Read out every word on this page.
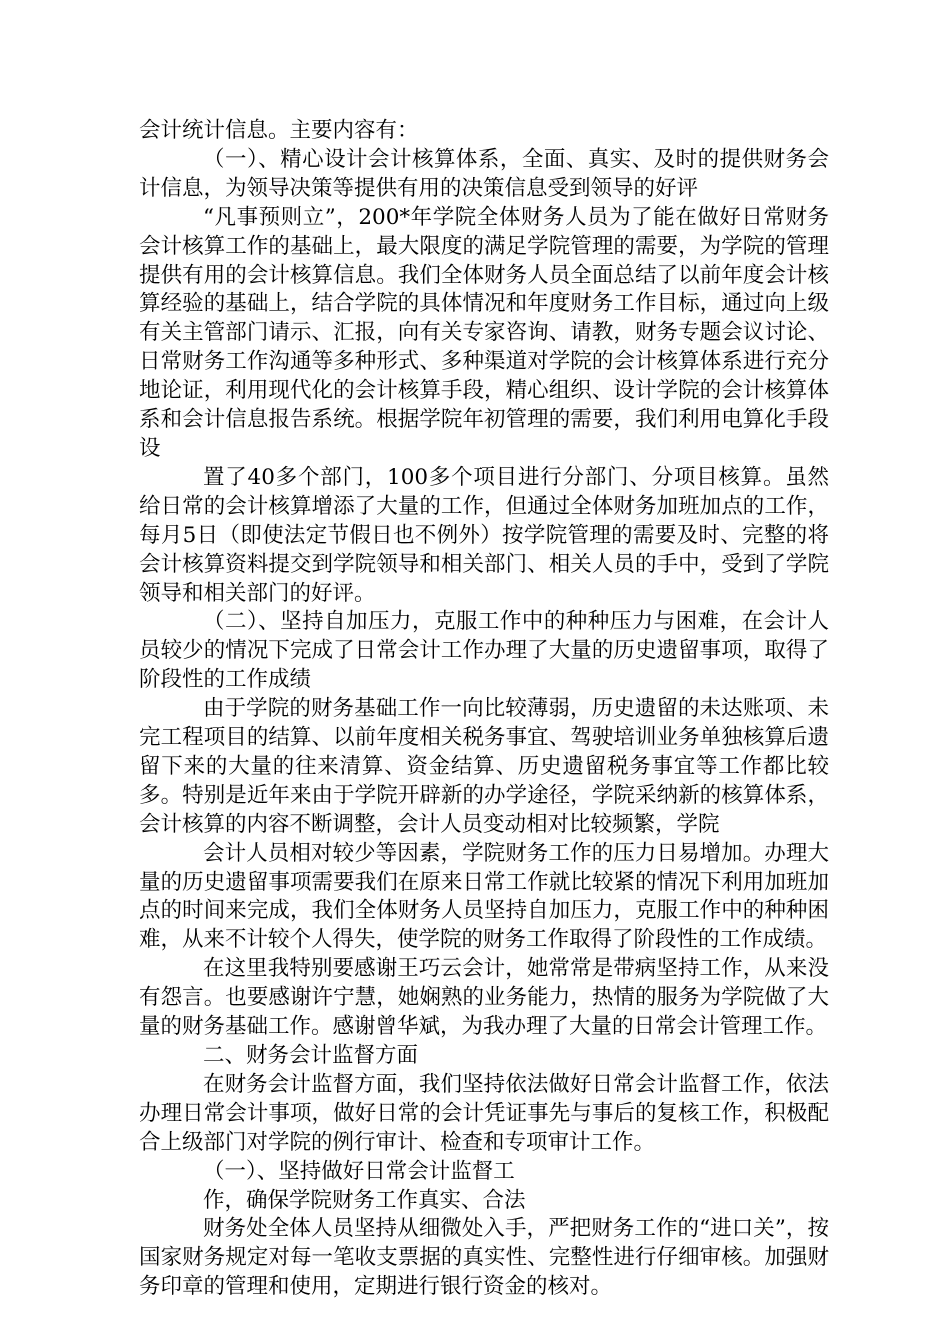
会计统计信息。主要内容有：

（一）、精心设计会计核算体系，全面、真实、及时的提供财务会计信息，为领导决策等提供有用的决策信息受到领导的好评

“凡事预则立”，200*年学院全体财务人员为了能在做好日常财务会计核算工作的基础上，最大限度的满足学院管理的需要，为学院的管理提供有用的会计核算信息。我们全体财务人员全面总结了以前年度会计核算经验的基础上，结合学院的具体情况和年度财务工作目标，通过向上级有关主管部门请示、汇报，向有关专家咨询、请教，财务专题会议讨论、日常财务工作沟通等多种形式、多种渠道对学院的会计核算体系进行充分地论证，利用现代化的会计核算手段，精心组织、设计学院的会计核算体系和会计信息报告系统。根据学院年初管理的需要，我们利用电算化手段设

置了40多个部门，100多个项目进行分部门、分项目核算。虽然给日常的会计核算增添了大量的工作，但通过全体财务加班加点的工作，每月5日（即使法定节假日也不例外）按学院管理的需要及时、完整的将会计核算资料提交到学院领导和相关部门、相关人员的手中，受到了学院领导和相关部门的好评。

（二）、坚持自加压力，克服工作中的种种压力与困难，在会计人员较少的情况下完成了日常会计工作办理了大量的历史遗留事项，取得了阶段性的工作成绩

由于学院的财务基础工作一向比较薄弱，历史遗留的未达账项、未完工程项目的结算、以前年度相关税务事宜、驾驶培训业务单独核算后遗留下来的大量的往来清算、资金结算、历史遗留税务事宜等工作都比较多。特别是近年来由于学院开辟新的办学途径，学院采纳新的核算体系，会计核算的内容不断调整，会计人员变动相对比较频繁，学院

会计人员相对较少等因素，学院财务工作的压力日易增加。办理大量的历史遗留事项需要我们在原来日常工作就比较紧的情况下利用加班加点的时间来完成，我们全体财务人员坚持自加压力，克服工作中的种种困难，从来不计较个人得失，使学院的财务工作取得了阶段性的工作成绩。

在这里我特别要感谢王巧云会计，她常常是带病坚持工作，从来没有怨言。也要感谢许宁慧，她娴熟的业务能力，热情的服务为学院做了大量的财务基础工作。感谢曾华斌，为我办理了大量的日常会计管理工作。

二、财务会计监督方面

在财务会计监督方面，我们坚持依法做好日常会计监督工作，依法办理日常会计事项，做好日常的会计凭证事先与事后的复核工作，积极配合上级部门对学院的例行审计、检查和专项审计工作。

（一）、坚持做好日常会计监督工

作，确保学院财务工作真实、合法

财务处全体人员坚持从细微处入手，严把财务工作的“进口关”，按国家财务规定对每一笔收支票据的真实性、完整性进行仔细审核。加强财务印章的管理和使用，定期进行银行资金的核对。
